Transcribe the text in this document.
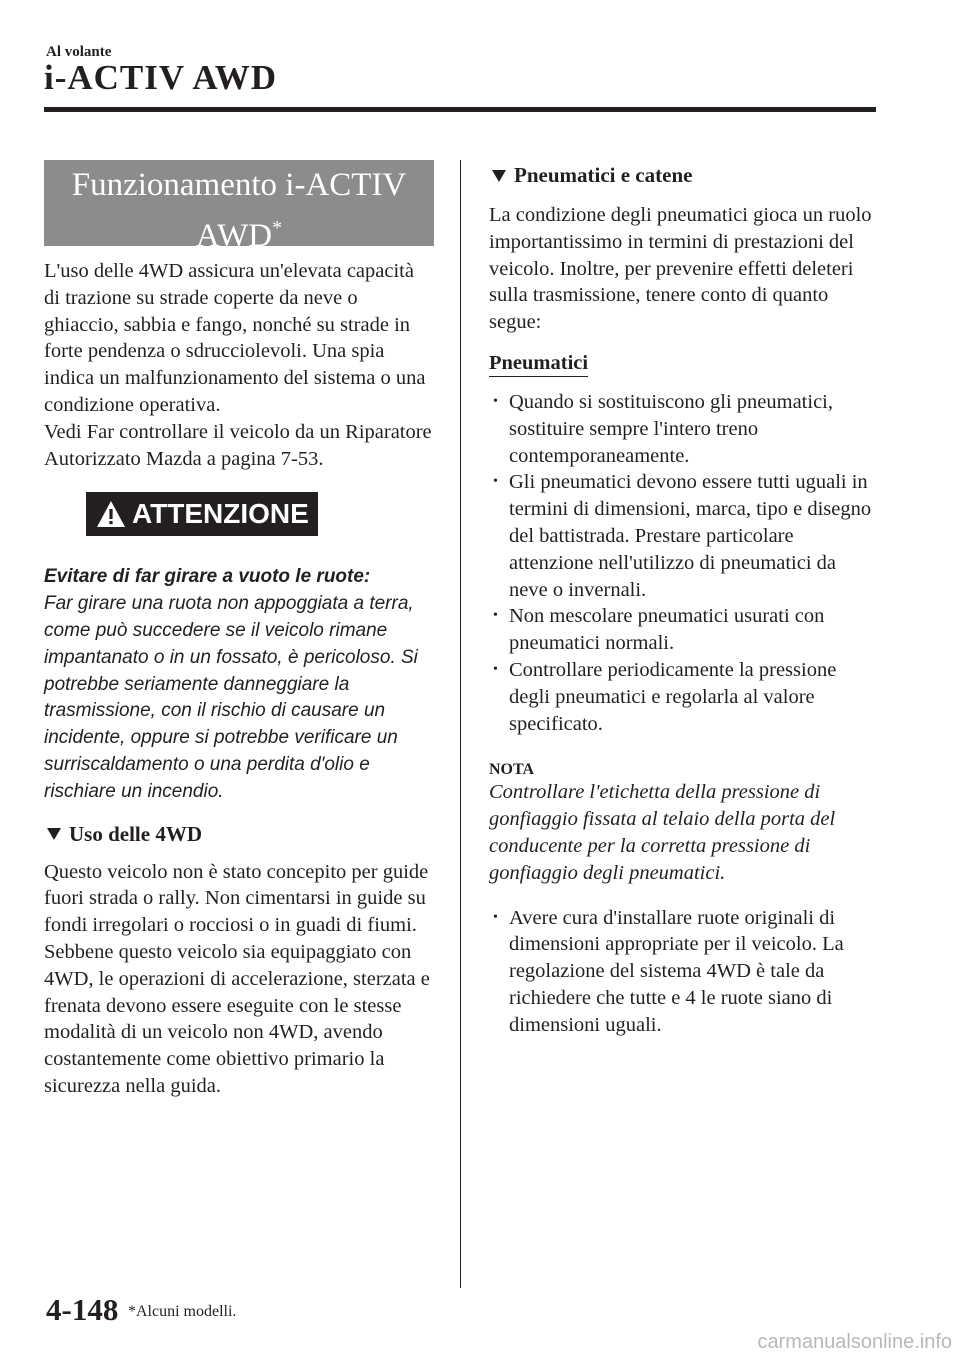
Al volante
i-ACTIV AWD
Funzionamento i-ACTIV
AWD*

L'uso delle 4WD assicura un'elevata capacità di trazione su strade coperte da neve o ghiaccio, sabbia e fango, nonché su strade in forte pendenza o sdrucciolevoli. Una spia indica un malfunzionamento del sistema o una condizione operativa.

Vedi Far controllare il veicolo da un Riparatore Autorizzato Mazda a pagina 7-53.

ATTENZIONE
Evitare di far girare a vuoto le ruote:
Far girare una ruota non appoggiata a terra, come può succedere se il veicolo rimane impantanato o in un fossato, è pericoloso. Si potrebbe seriamente danneggiare la trasmissione, con il rischio di causare un incidente, oppure si potrebbe verificare un surriscaldamento o una perdita d'olio e rischiare un incendio.
Uso delle 4WD

Questo veicolo non è stato concepito per guide fuori strada o rally. Non cimentarsi in guide su fondi irregolari o rocciosi o in guadi di fiumi.

Sebbene questo veicolo sia equipaggiato con 4WD, le operazioni di accelerazione, sterzata e frenata devono essere eseguite con le stesse modalità di un veicolo non 4WD, avendo costantemente come obiettivo primario la sicurezza nella guida.

Pneumatici e catene

La condizione degli pneumatici gioca un ruolo importantissimo in termini di prestazioni del veicolo. Inoltre, per prevenire effetti deleteri sulla trasmissione, tenere conto di quanto segue:

Pneumatici
• Quando si sostituiscono gli pneumatici, sostituire sempre l'intero treno contemporaneamente.
• Gli pneumatici devono essere tutti uguali in termini di dimensioni, marca, tipo e disegno del battistrada. Prestare particolare attenzione nell'utilizzo di pneumatici da neve o invernali.
• Non mescolare pneumatici usurati con pneumatici normali.
• Controllare periodicamente la pressione degli pneumatici e regolarla al valore specificato.
NOTA

Controllare l'etichetta della pressione di gonfiaggio fissata al telaio della porta del conducente per la corretta pressione di gonfiaggio degli pneumatici.

• Avere cura d'installare ruote originali di dimensioni appropriate per il veicolo. La regolazione del sistema 4WD è tale da richiedere che tutte e 4 le ruote siano di dimensioni uguali.
4-148 *Alcuni modelli.
carmanualsonline.info
